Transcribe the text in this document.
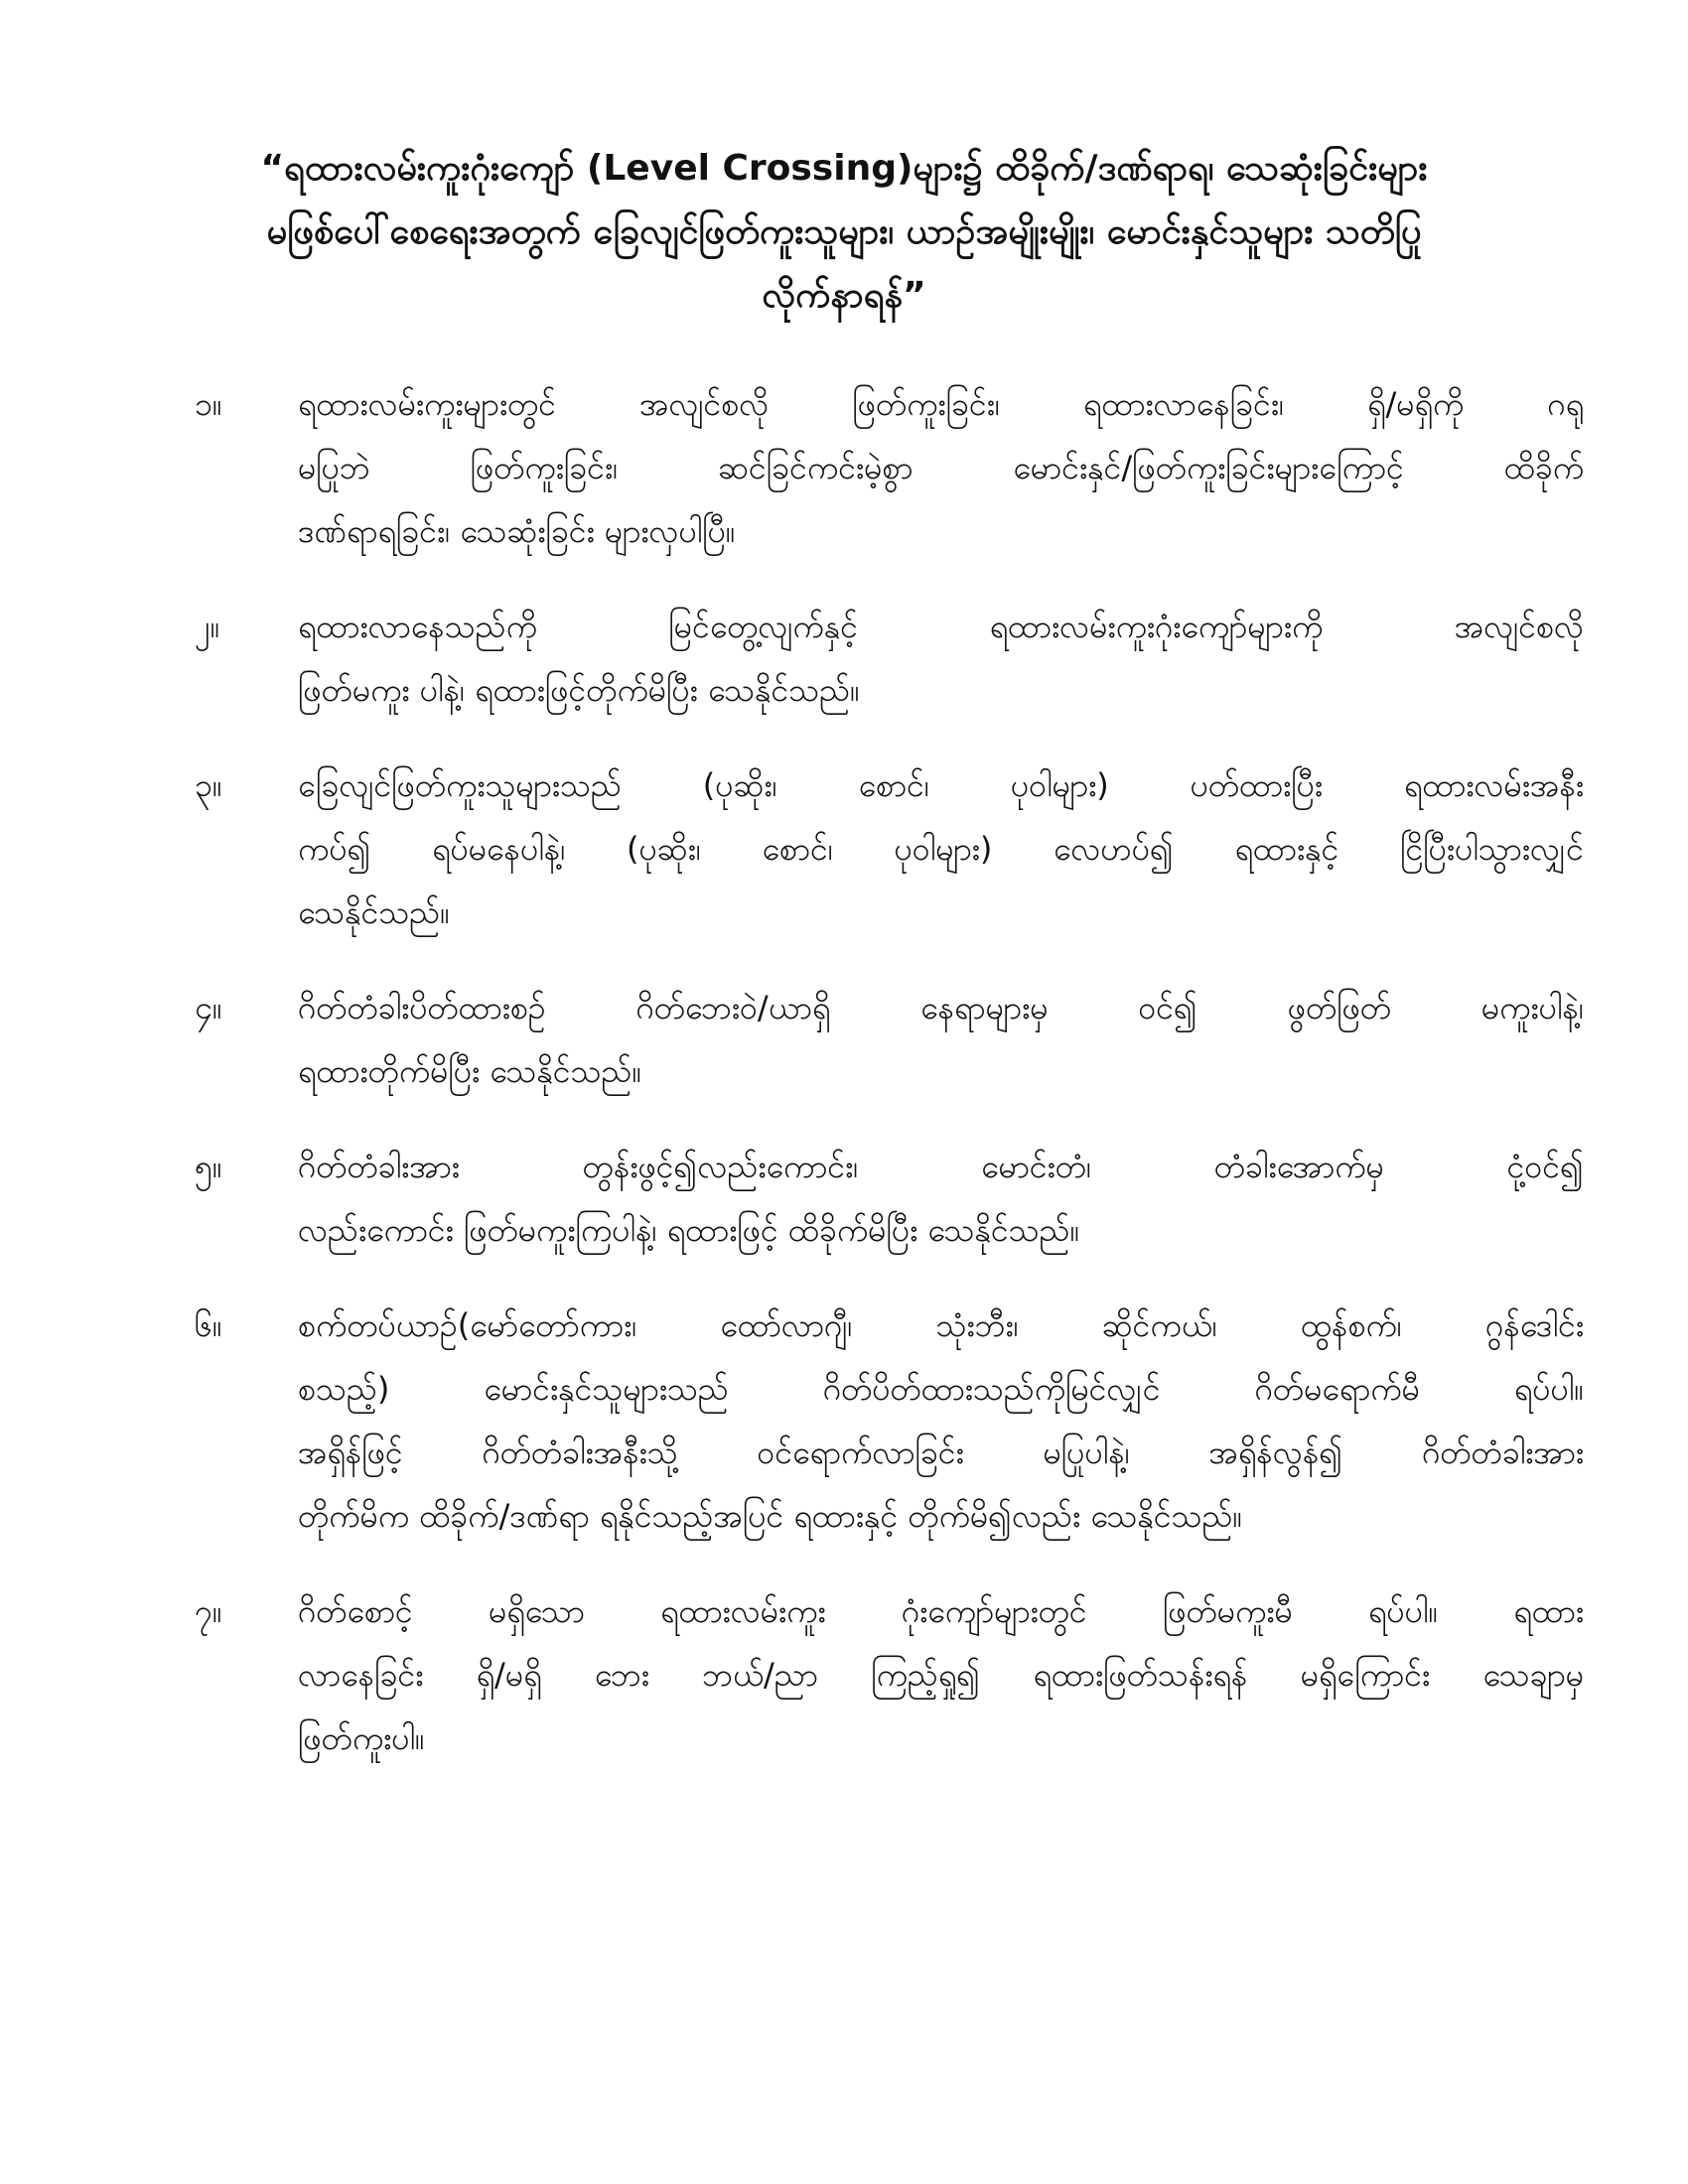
“ရထားလမ်းကူးဂုံးကျော် (Level Crossing)များ၌ ထိခိုက်/ဒဏ်ရာရ၊ သေဆုံးခြင်းများ
မဖြစ်ပေါ်စေရေးအတွက် ခြေလျင်ဖြတ်ကူးသူများ၊ ယာဉ်အမျိုးမျိုး၊ မောင်းနှင်သူများ သတိပြု
လိုက်နာရန်”
၁။ ရထားလမ်းကူးများတွင် အလျင်စလို ဖြတ်ကူးခြင်း၊ ရထားလာနေခြင်း၊ ရှိ/မရှိကို ဂရု
မပြုဘဲ ဖြတ်ကူးခြင်း၊ ဆင်ခြင်ကင်းမဲ့စွာ မောင်းနှင်/ဖြတ်ကူးခြင်းများကြောင့် ထိခိုက်
ဒဏ်ရာရခြင်း၊ သေဆုံးခြင်း များလှပါပြီ။
၂။ ရထားလာနေသည်ကို မြင်တွေ့လျက်နှင့် ရထားလမ်းကူးဂုံးကျော်များကို အလျင်စလို
ဖြတ်မကူး ပါနဲ့၊ ရထားဖြင့်တိုက်မိပြီး သေနိုင်သည်။
၃။ ခြေလျင်ဖြတ်ကူးသူများသည် (ပုဆိုး၊ စောင်၊ ပုဝါများ) ပတ်ထားပြီး ရထားလမ်းအနီး
ကပ်၍ ရပ်မနေပါနဲ့၊ (ပုဆိုး၊ စောင်၊ ပုဝါများ) လေဟပ်၍ ရထားနှင့် ငြိပြီးပါသွားလျှင်
သေနိုင်သည်။
၄။ ဂိတ်တံခါးပိတ်ထားစဉ် ဂိတ်ဘေးဝဲ/ယာရှိ နေရာများမှ ဝင်၍ ဖွတ်ဖြတ် မကူးပါနဲ့၊
ရထားတိုက်မိပြီး သေနိုင်သည်။
၅။ ဂိတ်တံခါးအား တွန်းဖွင့်၍လည်းကောင်း၊ မောင်းတံ၊ တံခါးအောက်မှ ငုံ့ဝင်၍
လည်းကောင်း ဖြတ်မကူးကြပါနဲ့၊ ရထားဖြင့် ထိခိုက်မိပြီး သေနိုင်သည်။
၆။ စက်တပ်ယာဉ်(မော်တော်ကား၊ ထော်လာဂျီ၊ သုံးဘီး၊ ဆိုင်ကယ်၊ ထွန်စက်၊ ဂွန်ဒေါင်း
စသည့်) မောင်းနှင်သူများသည် ဂိတ်ပိတ်ထားသည်ကိုမြင်လျှင် ဂိတ်မရောက်မီ ရပ်ပါ။
အရှိန်ဖြင့် ဂိတ်တံခါးအနီးသို့ ဝင်ရောက်လာခြင်း မပြုပါနဲ့၊ အရှိန်လွန်၍ ဂိတ်တံခါးအား
တိုက်မိက ထိခိုက်/ဒဏ်ရာ ရနိုင်သည့်အပြင် ရထားနှင့် တိုက်မိ၍လည်း သေနိုင်သည်။
၇။ ဂိတ်စောင့် မရှိသော ရထားလမ်းကူး ဂုံးကျော်များတွင် ဖြတ်မကူးမီ ရပ်ပါ။ ရထား
လာနေခြင်း ရှိ/မရှိ ဘေး ဘယ်/ညာ ကြည့်ရှု၍ ရထားဖြတ်သန်းရန် မရှိကြောင်း သေချာမှ
ဖြတ်ကူးပါ။
